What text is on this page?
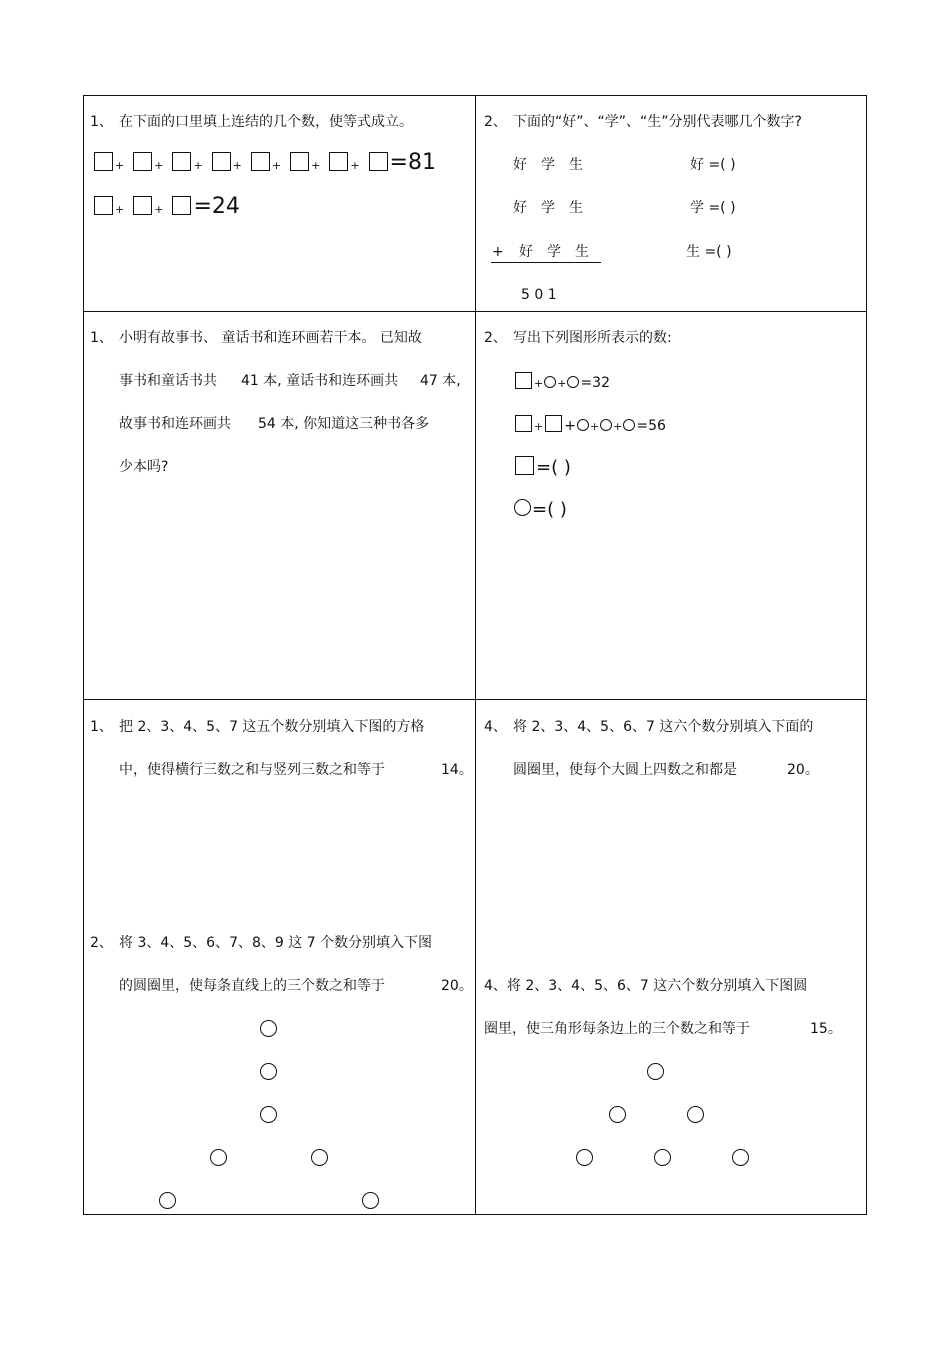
1、 在下面的口里填上连结的几个数，使等式成立。
+	+	+	+	+	+	+ =81
+	+ =24
2、 下面的“好”、“学”、“生”分别代表哪几个数字?
好　学　生
好　学　生
+ 好　学　生
5 0 1
好 =( )
学 =( )
生 =( )
1、 小明有故事书、 童话书和连环画若干本。 已知故
事书和童话书共 41 本, 童话书和连环画共 47 本,
故事书和连环画共 54 本, 你知道这三种书各多
少本吗?
2、 写出下列图形所表示的数:
+ + =32
+ + + + =56
=( )
=( )
1、 把 2、3、4、5、7 这五个数分别填入下图的方格
中，使得横行三数之和与竖列三数之和等于	14。
4、 将 2、3、4、5、6、7 这六个数分别填入下面的
圆圈里，使每个大圆上四数之和都是	20。
2、 将 3、4、5、6、7、8、9 这 7 个数分别填入下图
的圆圈里，使每条直线上的三个数之和等于	20。 4、将 2、3、4、5、6、7 这六个数分别填入下图圆
圈里，使三角形每条边上的三个数之和等于	15。
